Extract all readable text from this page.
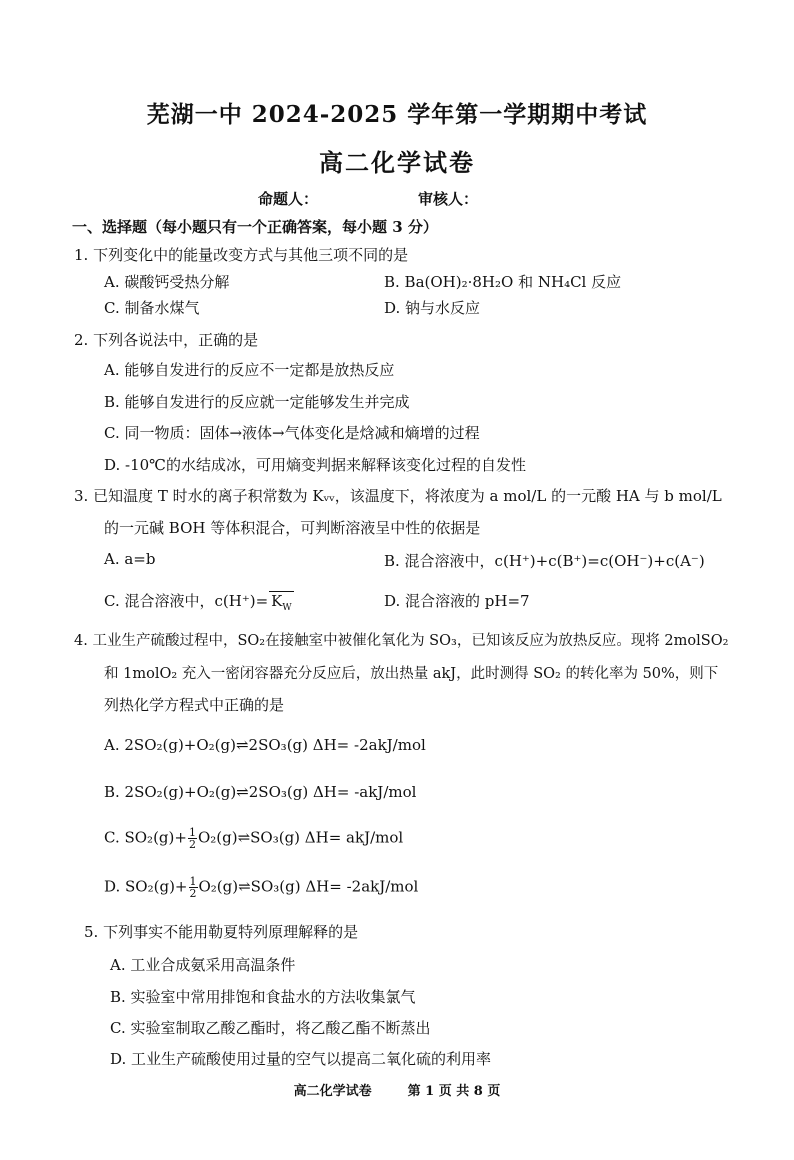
芜湖一中 2024-2025 学年第一学期期中考试
高二化学试卷
命题人：	审核人：
一、选择题（每小题只有一个正确答案，每小题 3 分）
1. 下列变化中的能量改变方式与其他三项不同的是
A. 碳酸钙受热分解	B. Ba(OH)₂·8H₂O 和 NH₄Cl 反应
C. 制备水煤气	D. 钠与水反应
2. 下列各说法中，正确的是
A. 能够自发进行的反应不一定都是放热反应
B. 能够自发进行的反应就一定能够发生并完成
C. 同一物质：固体→液体→气体变化是焓减和熵增的过程
D. -10℃的水结成冰，可用熵变判据来解释该变化过程的自发性
3. 已知温度 T 时水的离子积常数为 Kᵥᵥ，该温度下，将浓度为 a mol/L 的一元酸 HA 与 b mol/L
的一元碱 BOH 等体积混合，可判断溶液呈中性的依据是
A. a=b	B. 混合溶液中，c(H⁺)+c(B⁺)=c(OH⁻)+c(A⁻)
C. 混合溶液中，$c(H^+)= K_W$	D. 混合溶液的 pH=7
4. 工业生产硫酸过程中，SO₂在接触室中被催化氧化为 SO₃，已知该反应为放热反应。现将 2molSO₂
和 1molO₂ 充入一密闭容器充分反应后，放出热量 akJ，此时测得 SO₂ 的转化率为 50%，则下
列热化学方程式中正确的是
A. 2SO₂(g)+O₂(g)⇌2SO₃(g) ΔH= -2akJ/mol
B. 2SO₂(g)+O₂(g)⇌2SO₃(g) ΔH= -akJ/mol
C. $SO_2(g)+ \frac{1}{2}$ O₂(g)⇌SO₃(g) ΔH= akJ/mol
D. $SO_2(g)+ \frac{1}{2}$ O₂(g)⇌SO₃(g) ΔH= -2akJ/mol
5. 下列事实不能用勒夏特列原理解释的是
A. 工业合成氨采用高温条件
B. 实验室中常用排饱和食盐水的方法收集氯气
C. 实验室制取乙酸乙酯时，将乙酸乙酯不断蒸出
D. 工业生产硫酸使用过量的空气以提高二氧化硫的利用率
高二化学试卷	第 1 页 共 8 页
